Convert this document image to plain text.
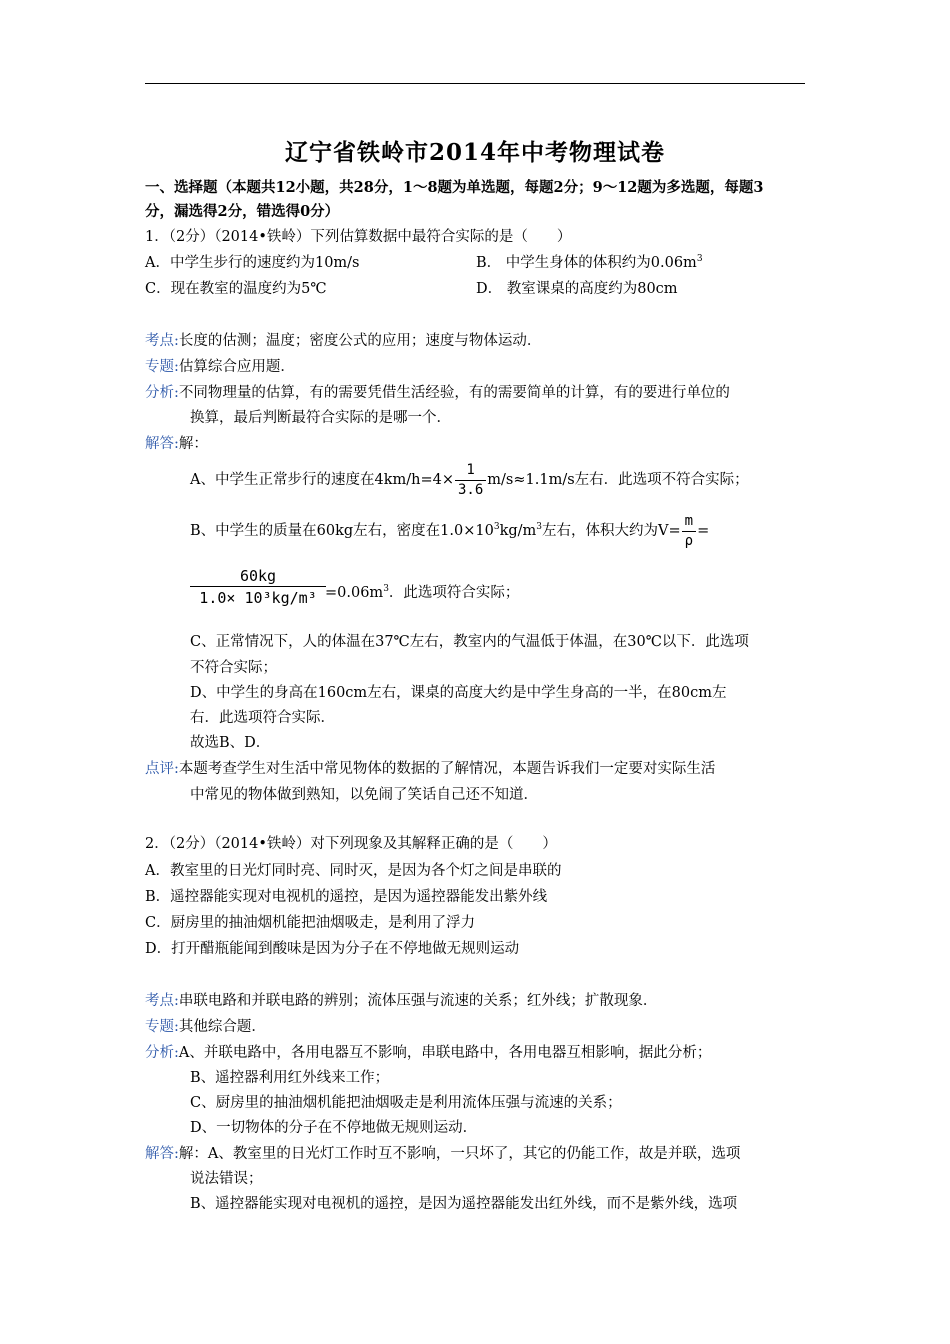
辽宁省铁岭市2014年中考物理试卷
一、选择题（本题共12小题，共28分，1～8题为单选题，每题2分；9～12题为多选题，每题3
分，漏选得2分，错选得0分）
1．（2分）（2014•铁岭）下列估算数据中最符合实际的是（　　）
A．中学生步行的速度约为10m/s	B． 中学生身体的体积约为$0.06m^3$
C．现在教室的温度约为5℃	D． 教室课桌的高度约为80cm
考点:长度的估测；温度；密度公式的应用；速度与物体运动．
专题:估算综合应用题．
分析:不同物理量的估算，有的需要凭借生活经验，有的需要简单的计算，有的要进行单位的
换算，最后判断最符合实际的是哪一个．
解答:解：
A、中学生正常步行的速度在$4km/h=4\times \frac{1}{3.6} m/s\approx 1.1m/s$左右．此选项不符合实际；
B、中学生的质量在60kg左右，密度在$1.0\times 10^3kg/m^3$左右，体积大约为$V= \frac{m}{\rho}$ =
$\frac{60kg}{\text{1.0× 10³kg/m³}} =0.06m^3$．此选项符合实际；
C、正常情况下，人的体温在37℃左右，教室内的气温低于体温，在30℃以下．此选项
不符合实际；
D、中学生的身高在160cm左右，课桌的高度大约是中学生身高的一半，在80cm左
右．此选项符合实际．
故选B、D．
点评:本题考查学生对生活中常见物体的数据的了解情况，本题告诉我们一定要对实际生活
中常见的物体做到熟知，以免闹了笑话自己还不知道．
2．（2分）（2014•铁岭）对下列现象及其解释正确的是（　　）
A．教室里的日光灯同时亮、同时灭，是因为各个灯之间是串联的
B．遥控器能实现对电视机的遥控，是因为遥控器能发出紫外线
C．厨房里的抽油烟机能把油烟吸走，是利用了浮力
D．打开醋瓶能闻到酸味是因为分子在不停地做无规则运动
考点:串联电路和并联电路的辨别；流体压强与流速的关系；红外线；扩散现象．
专题:其他综合题．
分析:A、并联电路中，各用电器互不影响，串联电路中，各用电器互相影响，据此分析；
B、遥控器利用红外线来工作；
C、厨房里的抽油烟机能把油烟吸走是利用流体压强与流速的关系；
D、一切物体的分子在不停地做无规则运动．
解答:解：A、教室里的日光灯工作时互不影响，一只坏了，其它的仍能工作，故是并联，选项
说法错误；
B、遥控器能实现对电视机的遥控，是因为遥控器能发出红外线，而不是紫外线，选项
